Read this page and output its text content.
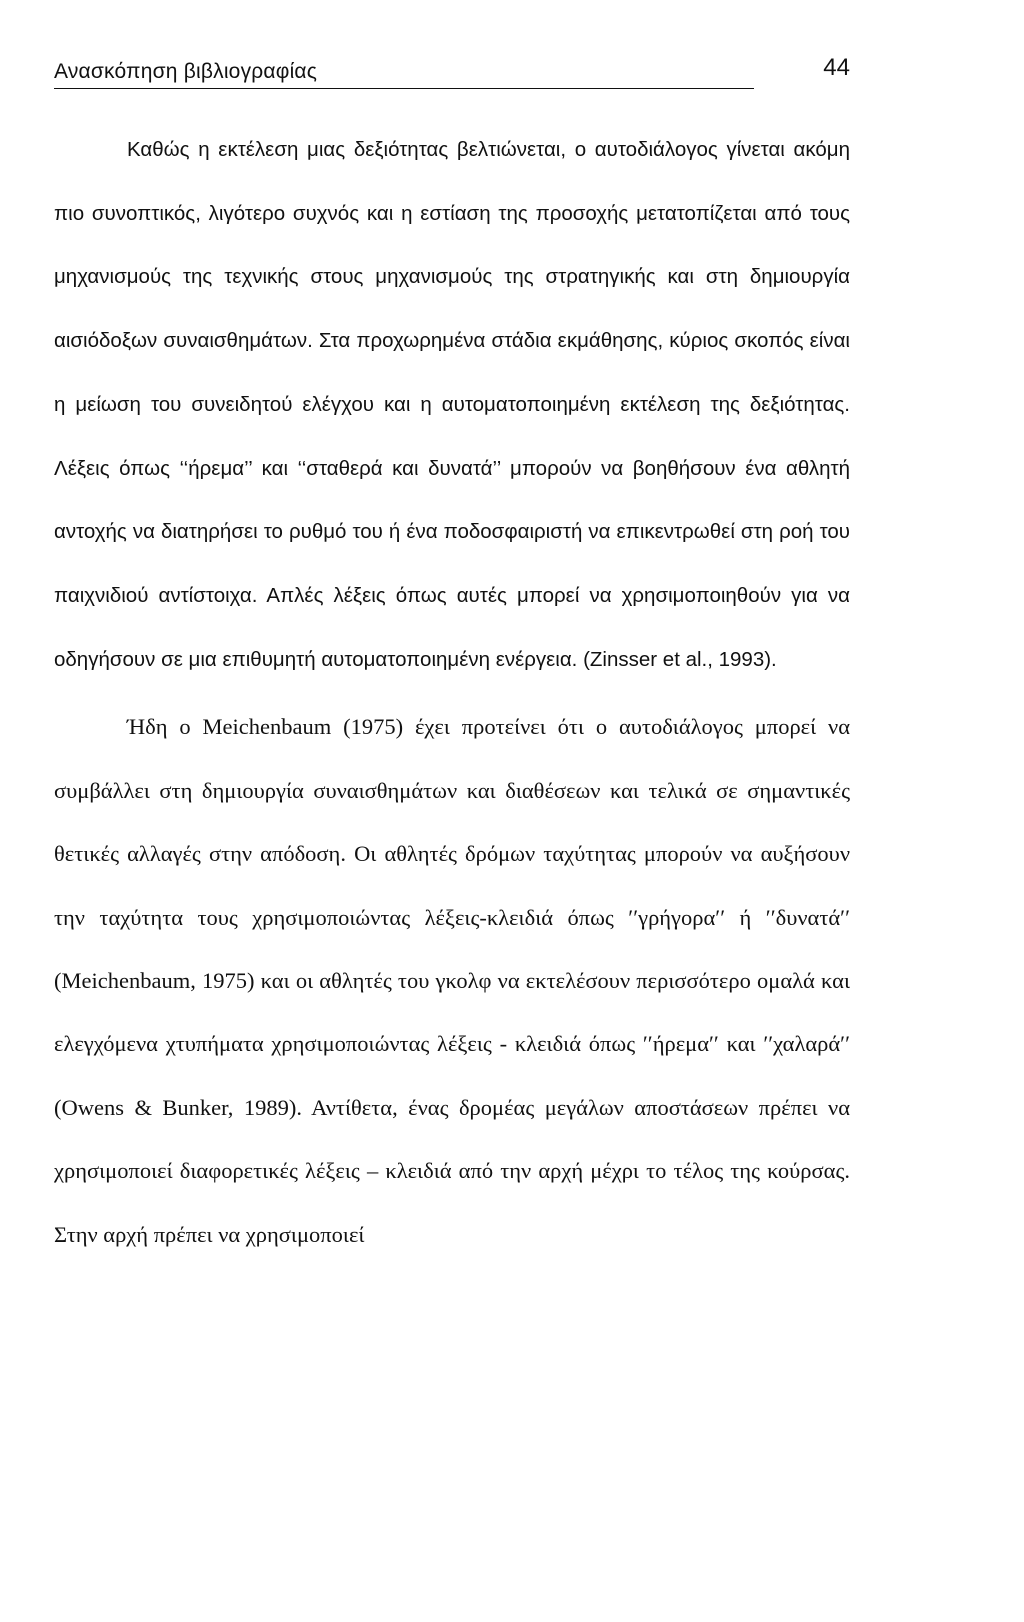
Ανασκόπηση βιβλιογραφίας	44

Καθώς η εκτέλεση μιας δεξιότητας βελτιώνεται, ο αυτοδιάλογος γίνεται ακόμη πιο συνοπτικός, λιγότερο συχνός και η εστίαση της προσοχής μετατοπίζεται από τους μηχανισμούς της τεχνικής στους μηχανισμούς της στρατηγικής και στη δημιουργία αισιόδοξων συναισθημάτων. Στα προχωρημένα στάδια εκμάθησης, κύριος σκοπός είναι η μείωση του συνειδητού ελέγχου και η αυτοματοποιημένη εκτέλεση της δεξιότητας. Λέξεις όπως ‘‘ήρεμα’’ και ‘‘σταθερά και δυνατά’’ μπορούν να βοηθήσουν ένα αθλητή αντοχής να διατηρήσει το ρυθμό του ή ένα ποδοσφαιριστή να επικεντρωθεί στη ροή του παιχνιδιού αντίστοιχα. Απλές λέξεις όπως αυτές μπορεί να χρησιμοποιηθούν για να οδηγήσουν σε μια επιθυμητή αυτοματοποιημένη ενέργεια. (Zinsser et al., 1993).

Ήδη ο Meichenbaum (1975) έχει προτείνει ότι ο αυτοδιάλογος μπορεί να συμβάλλει στη δημιουργία συναισθημάτων και διαθέσεων και τελικά σε σημαντικές θετικές αλλαγές στην απόδοση. Οι αθλητές δρόμων ταχύτητας μπορούν να αυξήσουν την ταχύτητα τους χρησιμοποιώντας λέξεις-κλειδιά όπως ′′γρήγορα′′ ή ′′δυνατά′′ (Meichenbaum, 1975) και οι αθλητές του γκολφ να εκτελέσουν περισσότερο ομαλά και ελεγχόμενα χτυπήματα χρησιμοποιώντας λέξεις - κλειδιά όπως ′′ήρεμα′′ και ′′χαλαρά′′ (Owens & Bunker, 1989). Αντίθετα, ένας δρομέας μεγάλων αποστάσεων πρέπει να χρησιμοποιεί διαφορετικές λέξεις – κλειδιά από την αρχή μέχρι το τέλος της κούρσας. Στην αρχή πρέπει να χρησιμοποιεί
